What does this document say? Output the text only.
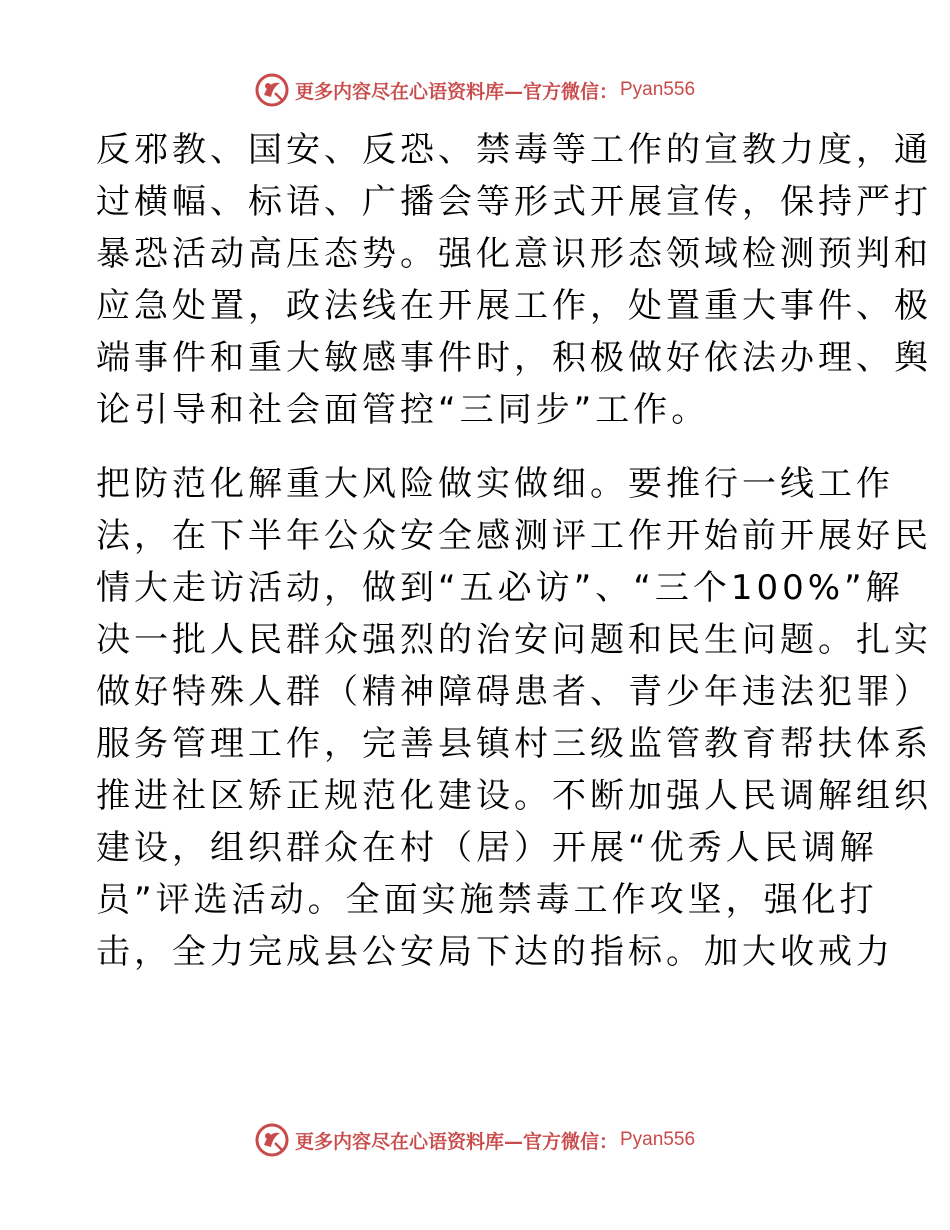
更多内容尽在心语资料库—官方微信： Pyan556
反邪教、国安、反恐、禁毒等工作的宣教力度，通
过横幅、标语、广播会等形式开展宣传，保持严打
暴恐活动高压态势。强化意识形态领域检测预判和
应急处置，政法线在开展工作，处置重大事件、极
端事件和重大敏感事件时，积极做好依法办理、舆
论引导和社会面管控“三同步”工作。
把防范化解重大风险做实做细。要推行一线工作
法，在下半年公众安全感测评工作开始前开展好民
情大走访活动，做到“五必访”、“三个100%”解
决一批人民群众强烈的治安问题和民生问题。扎实
做好特殊人群（精神障碍患者、青少年违法犯罪）
服务管理工作，完善县镇村三级监管教育帮扶体系
推进社区矫正规范化建设。不断加强人民调解组织
建设，组织群众在村（居）开展“优秀人民调解
员”评选活动。全面实施禁毒工作攻坚，强化打
击，全力完成县公安局下达的指标。加大收戒力
更多内容尽在心语资料库—官方微信： Pyan556
